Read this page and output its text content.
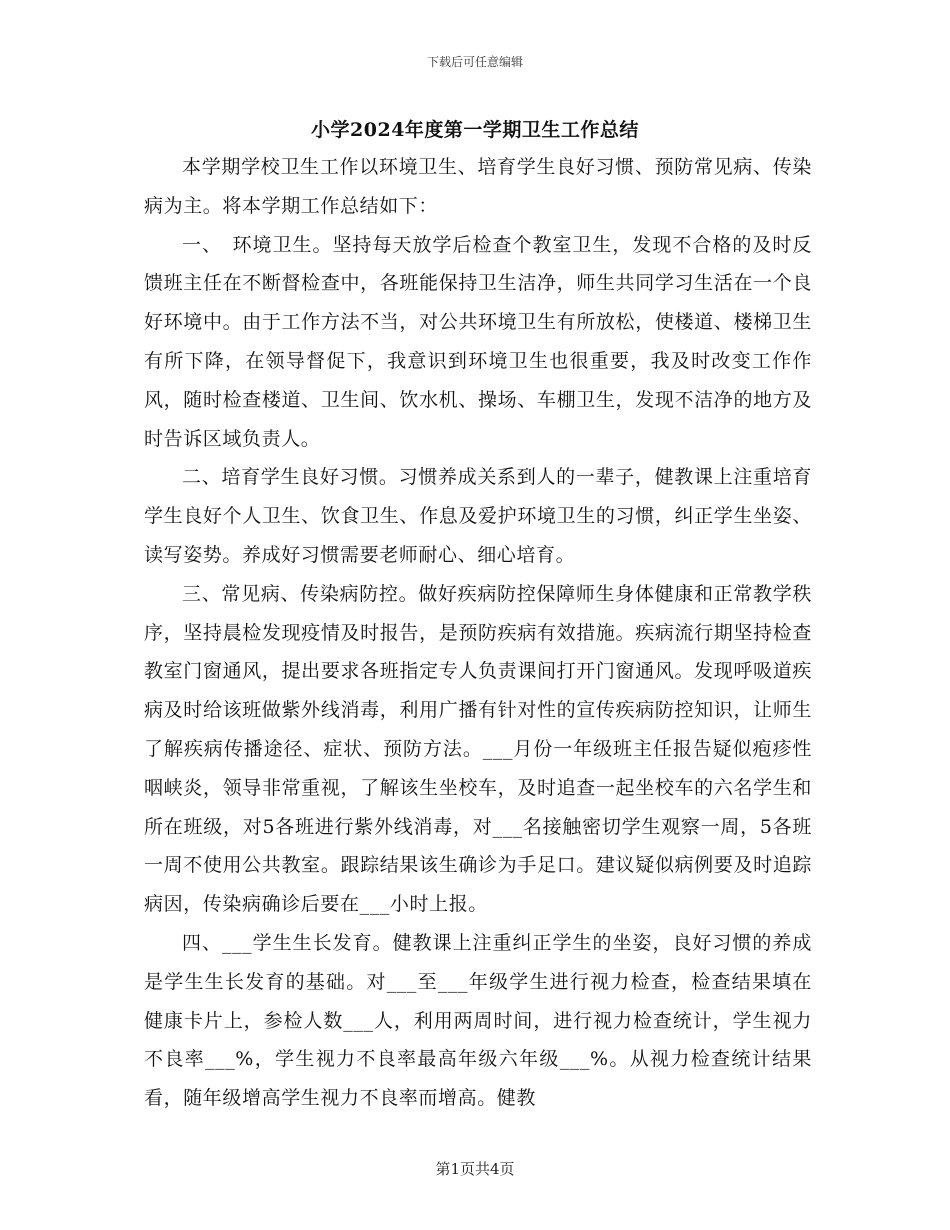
下载后可任意编辑
小学2024年度第一学期卫生工作总结

本学期学校卫生工作以环境卫生、培育学生良好习惯、预防常见病、传染病为主。将本学期工作总结如下：

一、　环境卫生。坚持每天放学后检查个教室卫生，发现不合格的及时反馈班主任在不断督检查中，各班能保持卫生洁净，师生共同学习生活在一个良好环境中。由于工作方法不当，对公共环境卫生有所放松，使楼道、楼梯卫生有所下降，在领导督促下，我意识到环境卫生也很重要，我及时改变工作作风，随时检查楼道、卫生间、饮水机、操场、车棚卫生，发现不洁净的地方及时告诉区域负责人。

二、培育学生良好习惯。习惯养成关系到人的一辈子，健教课上注重培育学生良好个人卫生、饮食卫生、作息及爱护环境卫生的习惯，纠正学生坐姿、读写姿势。养成好习惯需要老师耐心、细心培育。

三、常见病、传染病防控。做好疾病防控保障师生身体健康和正常教学秩序，坚持晨检发现疫情及时报告，是预防疾病有效措施。疾病流行期坚持检查教室门窗通风，提出要求各班指定专人负责课间打开门窗通风。发现呼吸道疾病及时给该班做紫外线消毒，利用广播有针对性的宣传疾病防控知识，让师生了解疾病传播途径、症状、预防方法。___月份一年级班主任报告疑似疱疹性咽峡炎，领导非常重视，了解该生坐校车，及时追查一起坐校车的六名学生和所在班级，对5各班进行紫外线消毒，对___名接触密切学生观察一周，5各班一周不使用公共教室。跟踪结果该生确诊为手足口。建议疑似病例要及时追踪病因，传染病确诊后要在___小时上报。

四、___学生生长发育。健教课上注重纠正学生的坐姿，良好习惯的养成是学生生长发育的基础。对___至___年级学生进行视力检查，检查结果填在健康卡片上，参检人数___人，利用两周时间，进行视力检查统计，学生视力不良率___%，学生视力不良率最高年级六年级___%。从视力检查统计结果看，随年级增高学生视力不良率而增高。健教

第1页共4页
